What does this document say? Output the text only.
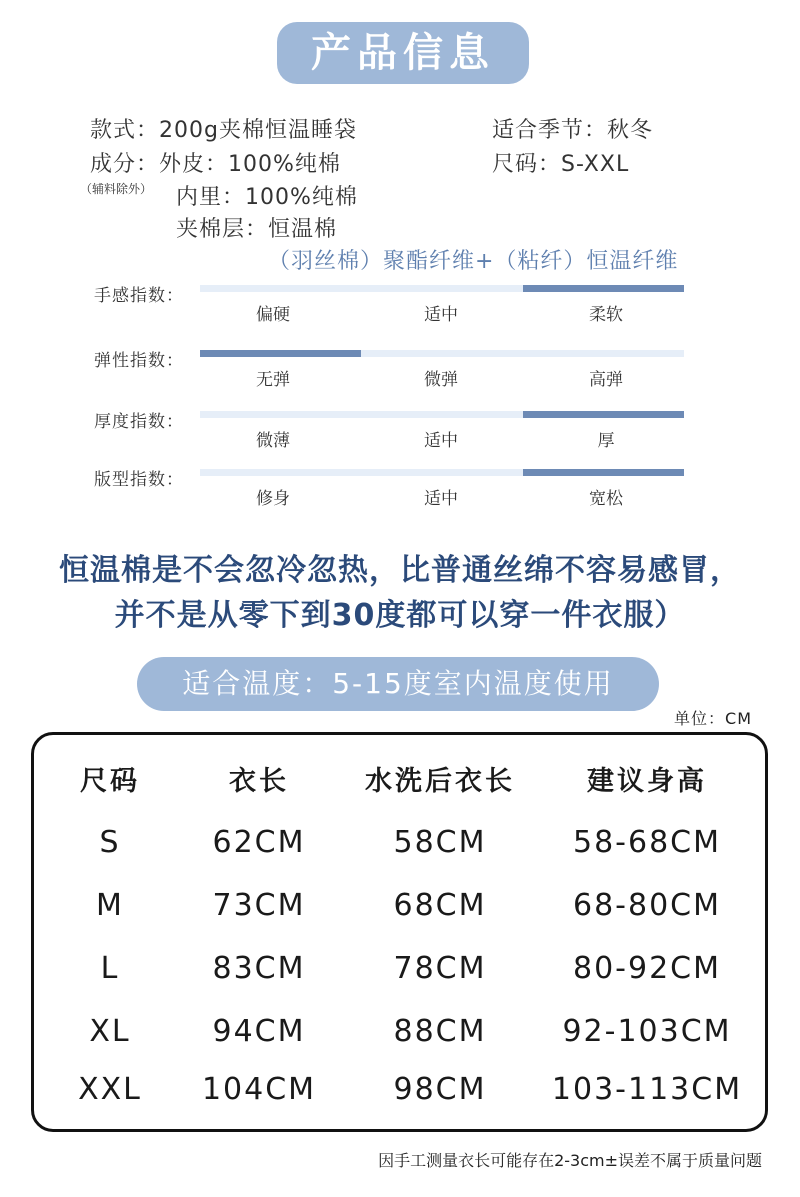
产品信息
款式：200g夹棉恒温睡袋	适合季节：秋冬
成分：外皮：100%纯棉	尺码：S-XXL
（辅料除外） 内里：100%纯棉
夹棉层：恒温棉
（羽丝棉）聚酯纤维+（粘纤）恒温纤维
手感指数：
偏硬	适中	柔软
弹性指数：
无弹	微弹	高弹
厚度指数：
微薄	适中	厚
版型指数：
修身	适中	宽松
恒温棉是不会忽冷忽热，比普通丝绵不容易感冒，
并不是从零下到30度都可以穿一件衣服）
适合温度：5-15度室内温度使用
单位：CM
尺码	衣长	水洗后衣长	建议身高
S	62CM	58CM	58-68CM
M	73CM	68CM	68-80CM
L	83CM	78CM	80-92CM
XL	94CM	88CM	92-103CM
XXL	104CM	98CM	103-113CM
因手工测量衣长可能存在2-3cm±误差不属于质量问题
